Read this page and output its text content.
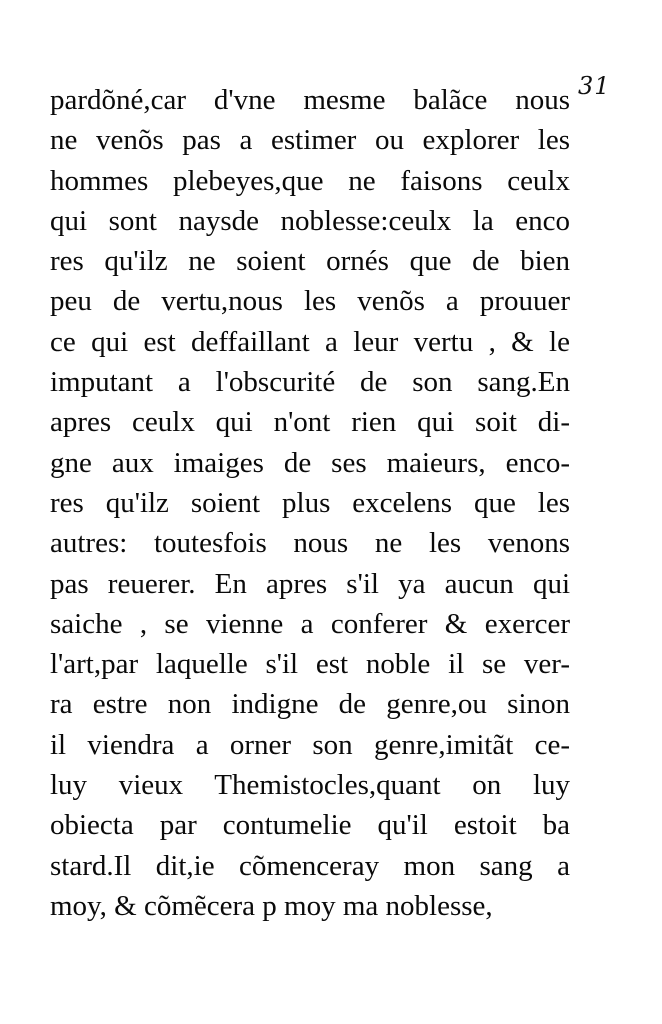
31
pardõné,car d'vne mesme balãce nous
ne venõs pas a estimer ou explorer les
hommes plebeyes,que ne faisons ceulx
qui sont naysde noblesse:ceulx la enco
res qu'ilz ne soient ornés que de bien
peu de vertu,nous les venõs a prouuer
ce qui est deffaillant a leur vertu , & le
imputant a l'obscurité de son sang.En
apres ceulx qui n'ont rien qui soit di-
gne aux imaiges de ses maieurs, enco-
res qu'ilz soient plus excelens que les
autres: toutesfois nous ne les venons
pas reuerer. En apres s'il ya aucun qui
saiche , se vienne a conferer & exercer
l'art,par laquelle s'il est noble il se ver-
ra estre non indigne de genre,ou sinon
il viendra a orner son genre,imitãt ce-
luy vieux Themistocles,quant on luy
obiecta par contumelie qu'il estoit ba
stard.Il dit,ie cõmenceray mon sang a
moy, & cõmẽcera p moy ma noblesse,
